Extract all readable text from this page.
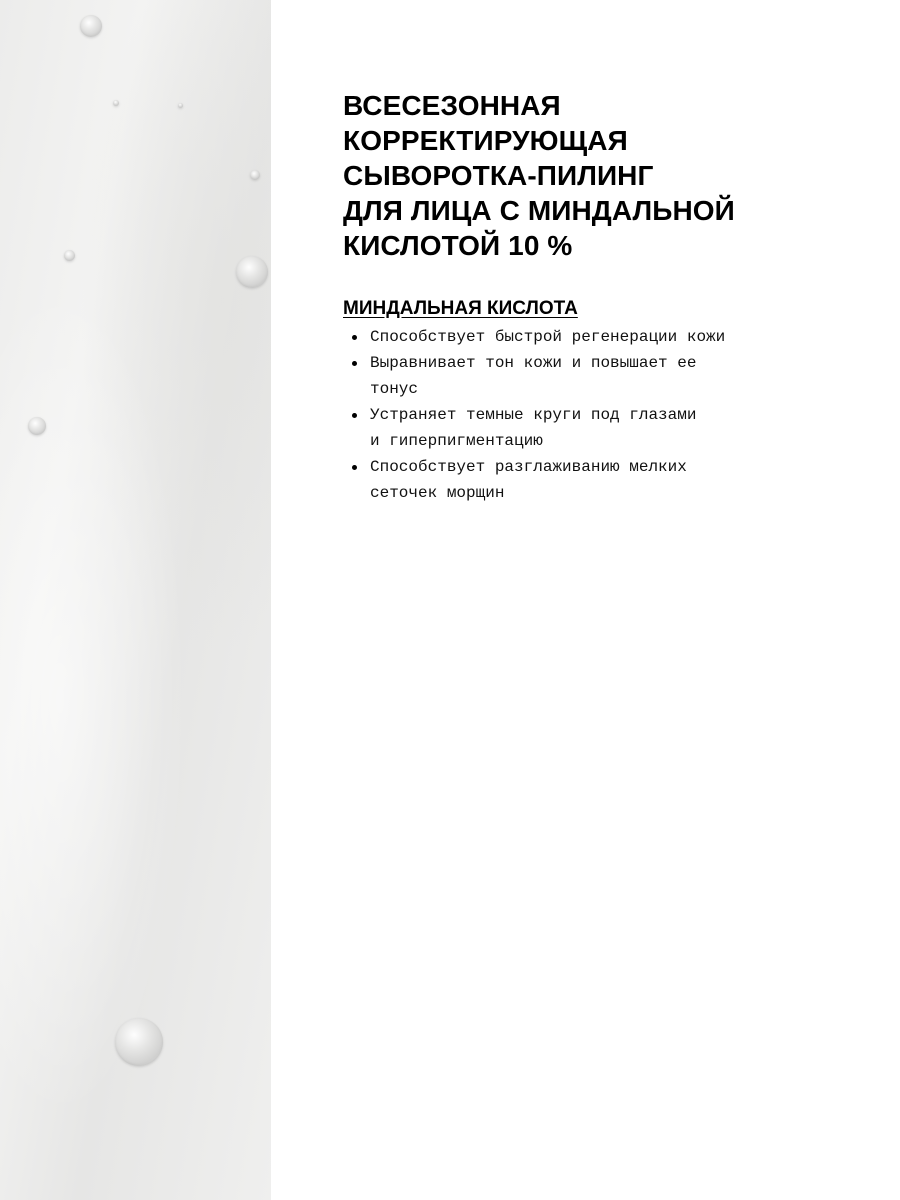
ВСЕСЕЗОННАЯ
КОРРЕКТИРУЮЩАЯ
СЫВОРОТКА-ПИЛИНГ
ДЛЯ ЛИЦА С МИНДАЛЬНОЙ
КИСЛОТОЙ 10 %
МИНДАЛЬНАЯ КИСЛОТА
Способствует быстрой регенерации кожи
Выравнивает тон кожи и повышает ее
тонус
Устраняет темные круги под глазами
и гиперпигментацию
Способствует разглаживанию мелких
сеточек морщин
